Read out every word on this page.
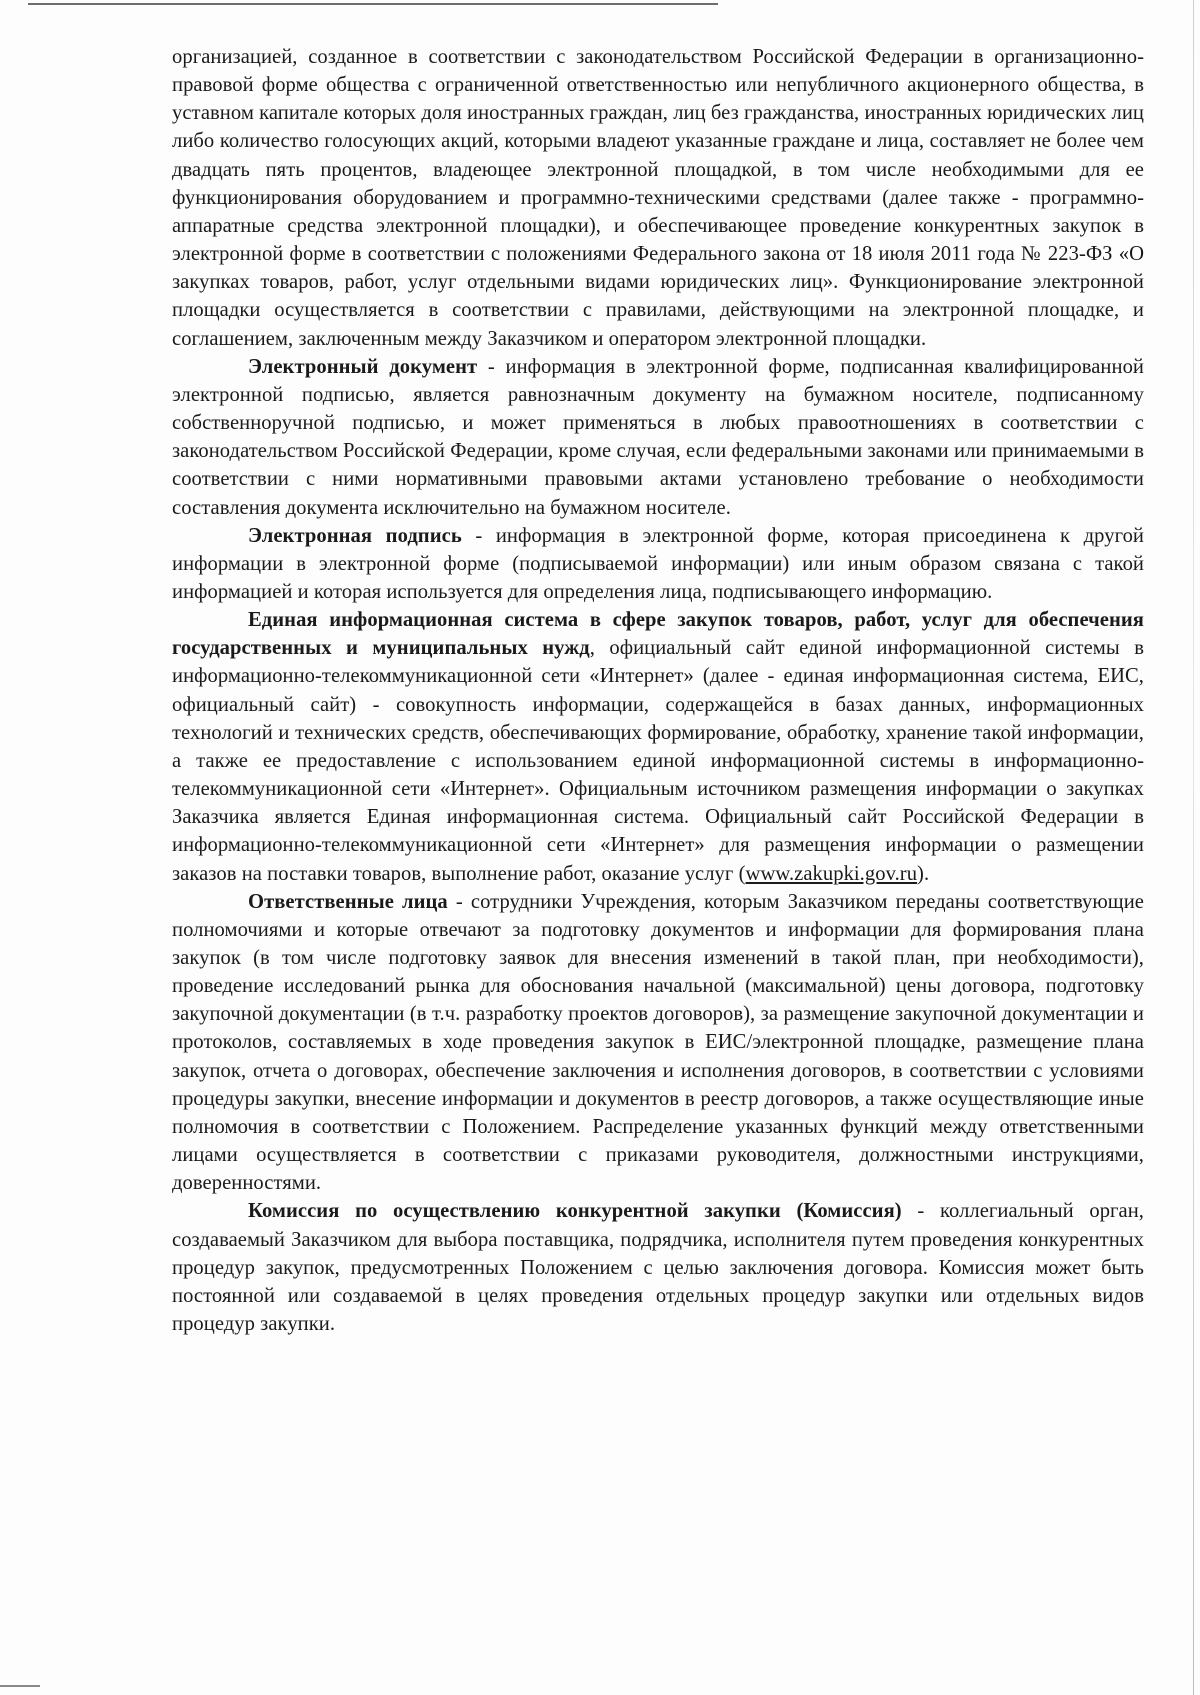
организацией, созданное в соответствии с законодательством Российской Федерации в организационно-правовой форме общества с ограниченной ответственностью или непубличного акционерного общества, в уставном капитале которых доля иностранных граждан, лиц без гражданства, иностранных юридических лиц либо количество голосующих акций, которыми владеют указанные граждане и лица, составляет не более чем двадцать пять процентов, владеющее электронной площадкой, в том числе необходимыми для ее функционирования оборудованием и программно-техническими средствами (далее также - программно-аппаратные средства электронной площадки), и обеспечивающее проведение конкурентных закупок в электронной форме в соответствии с положениями Федерального закона от 18 июля 2011 года № 223-ФЗ «О закупках товаров, работ, услуг отдельными видами юридических лиц». Функционирование электронной площадки осуществляется в соответствии с правилами, действующими на электронной площадке, и соглашением, заключенным между Заказчиком и оператором электронной площадки.

Электронный документ - информация в электронной форме, подписанная квалифицированной электронной подписью, является равнозначным документу на бумажном носителе, подписанному собственноручной подписью, и может применяться в любых правоотношениях в соответствии с законодательством Российской Федерации, кроме случая, если федеральными законами или принимаемыми в соответствии с ними нормативными правовыми актами установлено требование о необходимости составления документа исключительно на бумажном носителе.

Электронная подпись - информация в электронной форме, которая присоединена к другой информации в электронной форме (подписываемой информации) или иным образом связана с такой информацией и которая используется для определения лица, подписывающего информацию.

Единая информационная система в сфере закупок товаров, работ, услуг для обеспечения государственных и муниципальных нужд, официальный сайт единой информационной системы в информационно-телекоммуникационной сети «Интернет» (далее - единая информационная система, ЕИС, официальный сайт) - совокупность информации, содержащейся в базах данных, информационных технологий и технических средств, обеспечивающих формирование, обработку, хранение такой информации, а также ее предоставление с использованием единой информационной системы в информационно-телекоммуникационной сети «Интернет». Официальным источником размещения информации о закупках Заказчика является Единая информационная система. Официальный сайт Российской Федерации в информационно-телекоммуникационной сети «Интернет» для размещения информации о размещении заказов на поставки товаров, выполнение работ, оказание услуг (www.zakupki.gov.ru).

Ответственные лица - сотрудники Учреждения, которым Заказчиком переданы соответствующие полномочиями и которые отвечают за подготовку документов и информации для формирования плана закупок (в том числе подготовку заявок для внесения изменений в такой план, при необходимости), проведение исследований рынка для обоснования начальной (максимальной) цены договора, подготовку закупочной документации (в т.ч. разработку проектов договоров), за размещение закупочной документации и протоколов, составляемых в ходе проведения закупок в ЕИС/электронной площадке, размещение плана закупок, отчета о договорах, обеспечение заключения и исполнения договоров, в соответствии с условиями процедуры закупки, внесение информации и документов в реестр договоров, а также осуществляющие иные полномочия в соответствии с Положением. Распределение указанных функций между ответственными лицами осуществляется в соответствии с приказами руководителя, должностными инструкциями, доверенностями.

Комиссия по осуществлению конкурентной закупки (Комиссия) - коллегиальный орган, создаваемый Заказчиком для выбора поставщика, подрядчика, исполнителя путем проведения конкурентных процедур закупок, предусмотренных Положением с целью заключения договора. Комиссия может быть постоянной или создаваемой в целях проведения отдельных процедур закупки или отдельных видов процедур закупки.
